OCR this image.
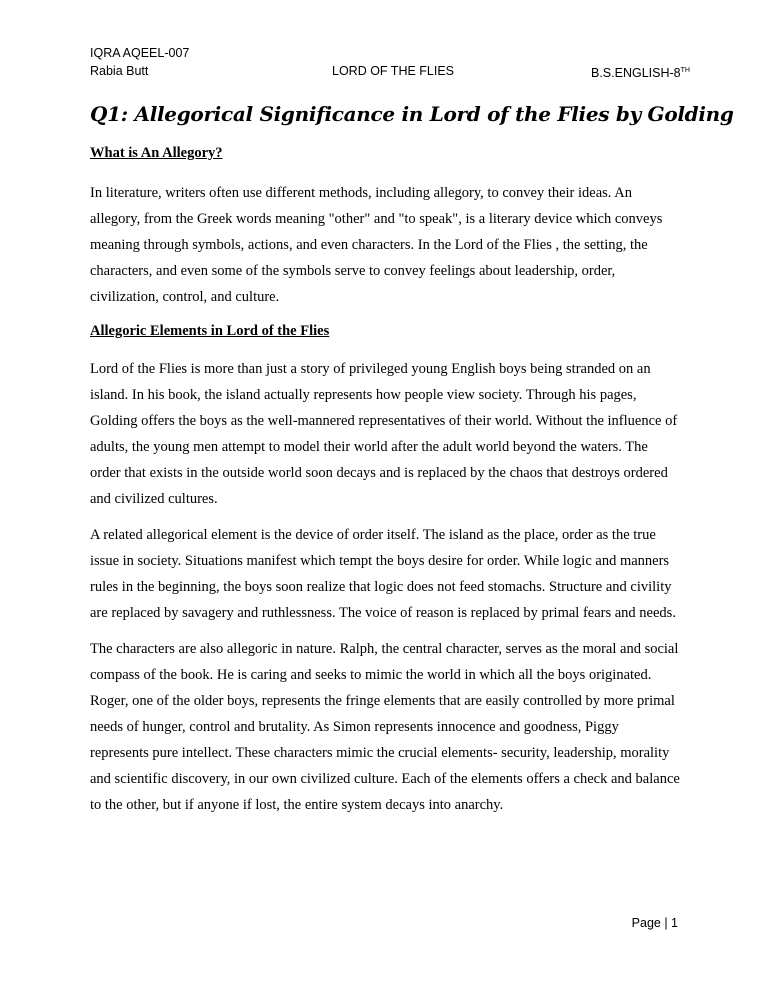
IQRA AQEEL-007
Rabia Butt	LORD OF THE FLIES	B.S.ENGLISH-8TH
Q1: Allegorical Significance in Lord of the Flies by Golding
What is An Allegory?

In literature, writers often use different methods, including allegory, to convey their ideas. An allegory, from the Greek words meaning "other" and "to speak", is a literary device which conveys meaning through symbols, actions, and even characters. In the Lord of the Flies , the setting, the characters, and even some of the symbols serve to convey feelings about leadership, order, civilization, control, and culture.

Allegoric Elements in Lord of the Flies

Lord of the Flies is more than just a story of privileged young English boys being stranded on an island. In his book, the island actually represents how people view society. Through his pages, Golding offers the boys as the well-mannered representatives of their world. Without the influence of adults, the young men attempt to model their world after the adult world beyond the waters. The order that exists in the outside world soon decays and is replaced by the chaos that destroys ordered and civilized cultures.

A related allegorical element is the device of order itself. The island as the place, order as the true issue in society. Situations manifest which tempt the boys desire for order. While logic and manners rules in the beginning, the boys soon realize that logic does not feed stomachs. Structure and civility are replaced by savagery and ruthlessness. The voice of reason is replaced by primal fears and needs.

The characters are also allegoric in nature. Ralph, the central character, serves as the moral and social compass of the book. He is caring and seeks to mimic the world in which all the boys originated. Roger, one of the older boys, represents the fringe elements that are easily controlled by more primal needs of hunger, control and brutality. As Simon represents innocence and goodness, Piggy represents pure intellect. These characters mimic the crucial elements- security, leadership, morality and scientific discovery, in our own civilized culture. Each of the elements offers a check and balance to the other, but if anyone if lost, the entire system decays into anarchy.

Page | 1
